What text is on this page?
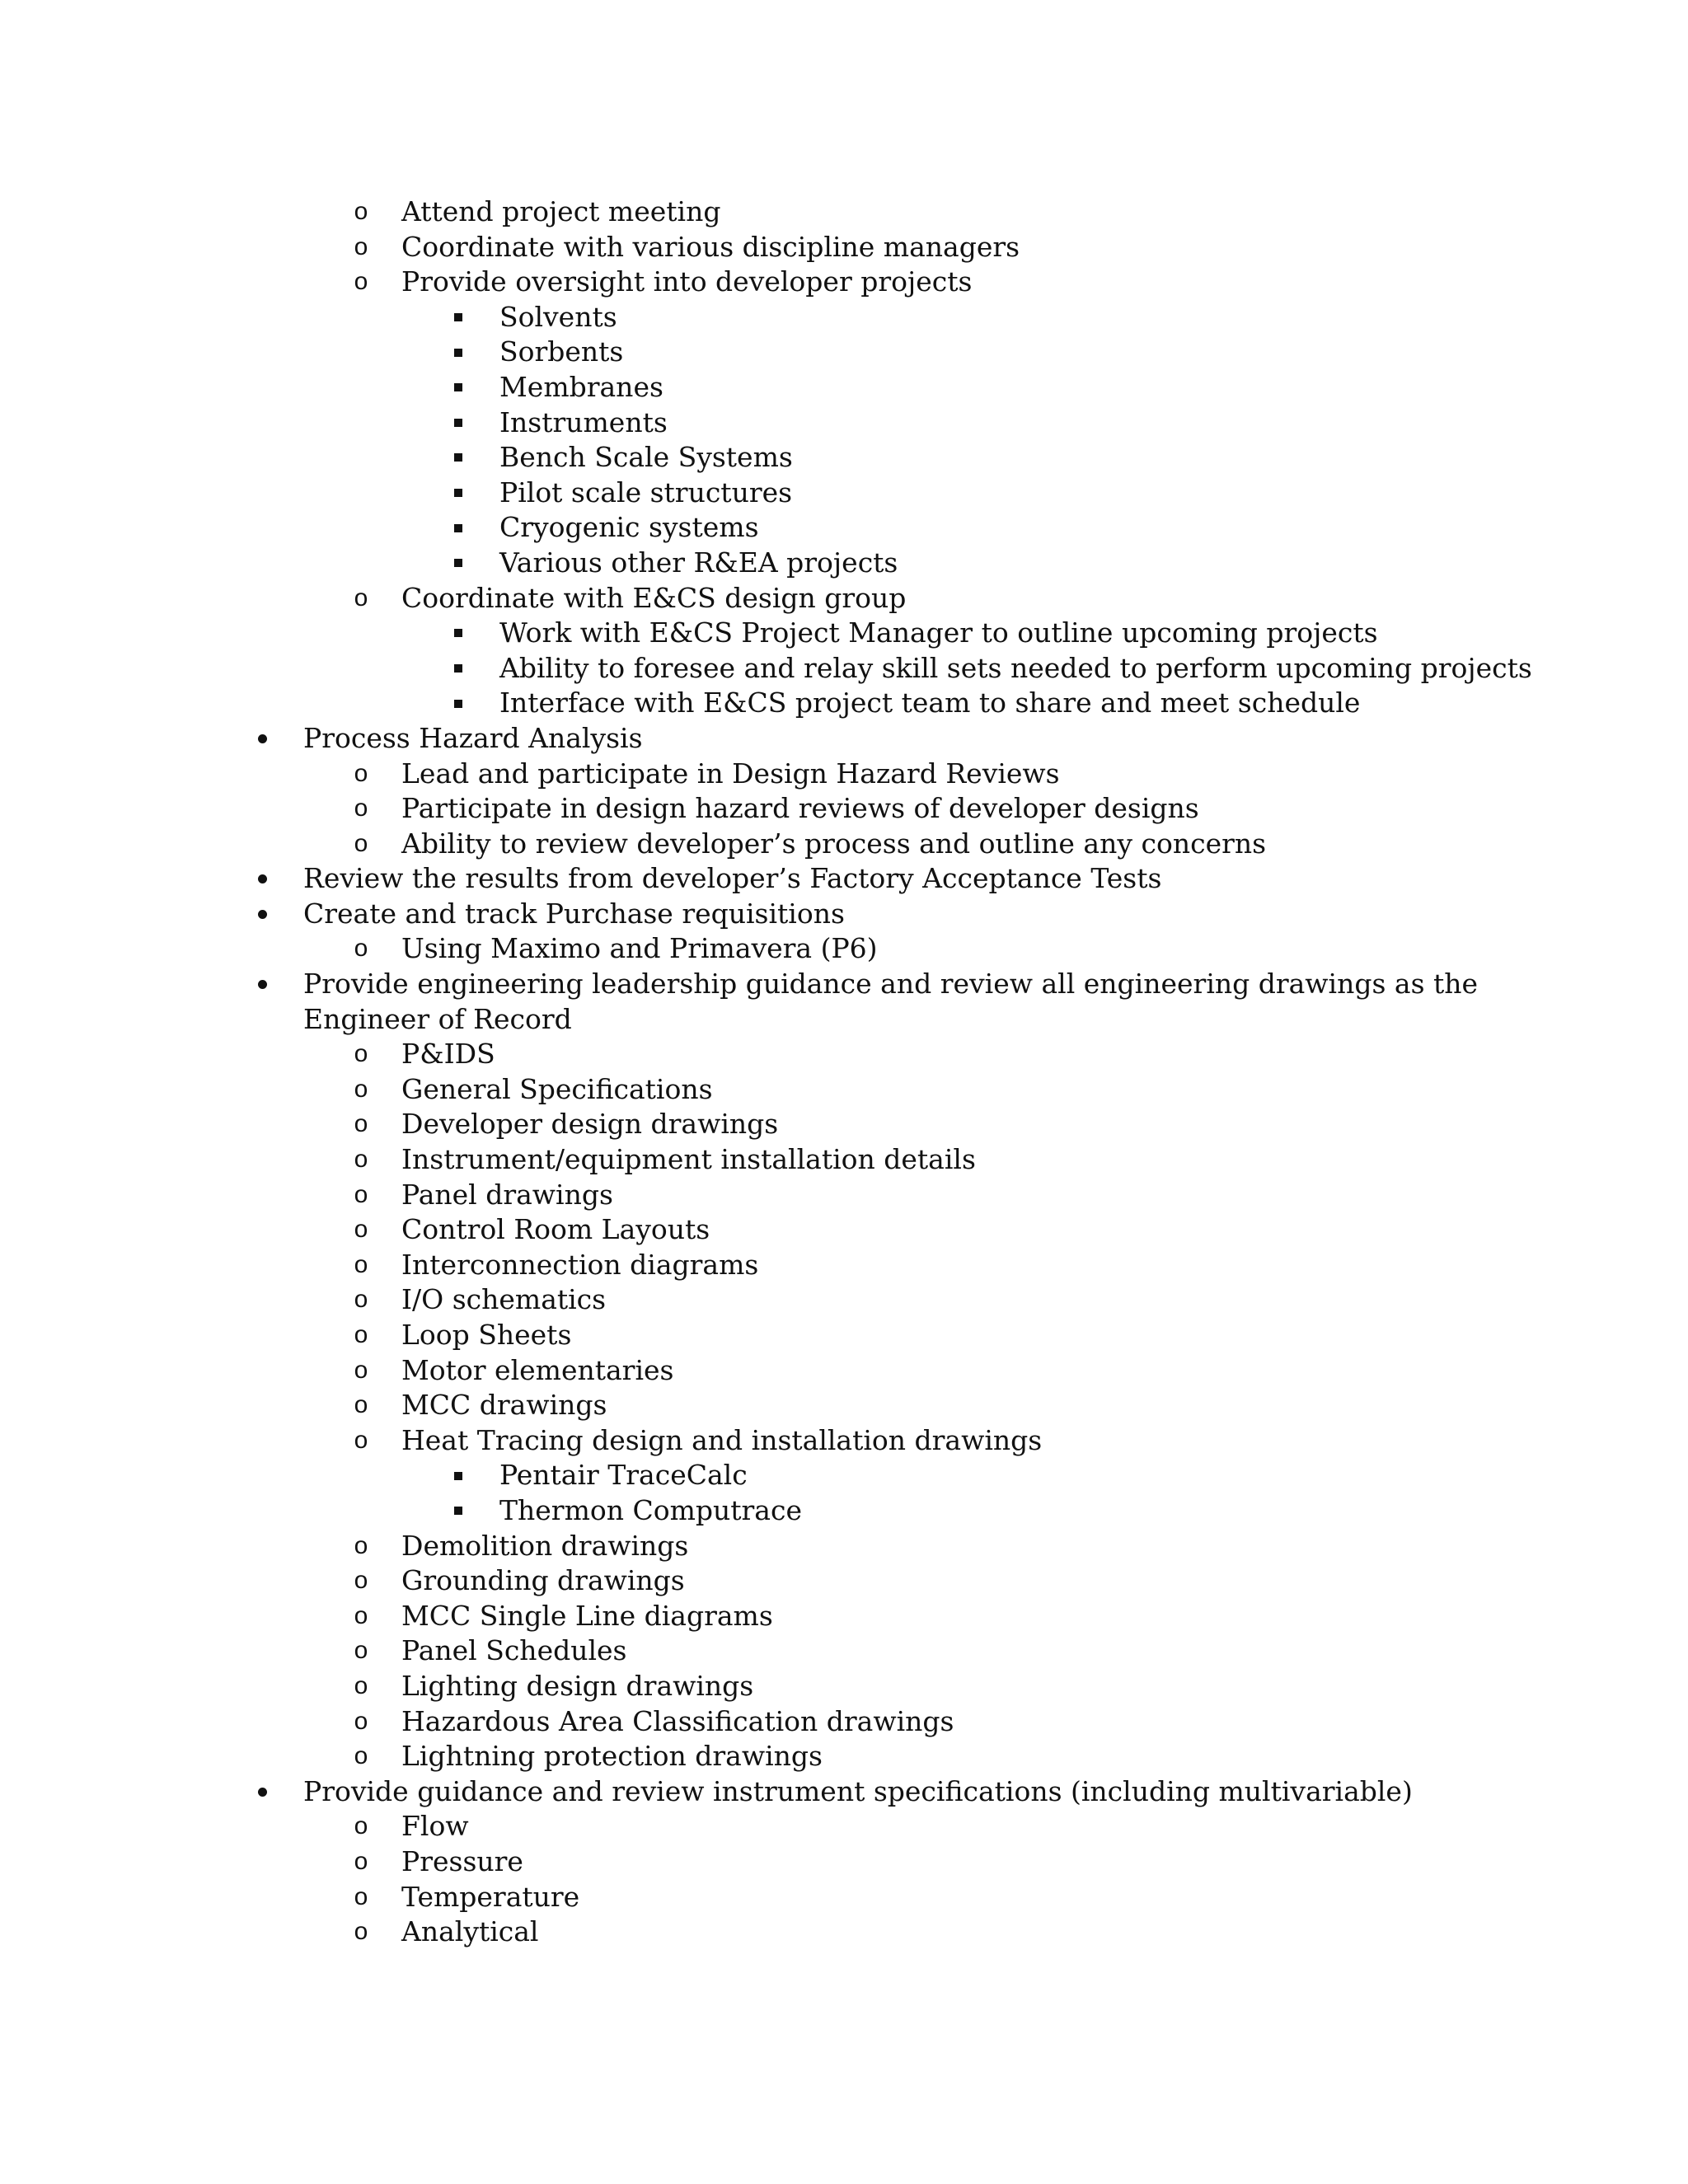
o Attend project meeting
o Coordinate with various discipline managers
o Provide oversight into developer projects
Solvents
Sorbents
Membranes
Instruments
Bench Scale Systems
Pilot scale structures
Cryogenic systems
Various other R&EA projects
o Coordinate with E&CS design group
Work with E&CS Project Manager to outline upcoming projects
Ability to foresee and relay skill sets needed to perform upcoming projects
Interface with E&CS project team to share and meet schedule
Process Hazard Analysis
o Lead and participate in Design Hazard Reviews
o Participate in design hazard reviews of developer designs
o Ability to review developer’s process and outline any concerns
Review the results from developer’s Factory Acceptance Tests
Create and track Purchase requisitions
o Using Maximo and Primavera (P6)
Provide engineering leadership guidance and review all engineering drawings as the
Engineer of Record
o P&IDS
o General Specifications
o Developer design drawings
o Instrument/equipment installation details
o Panel drawings
o Control Room Layouts
o Interconnection diagrams
o I/O schematics
o Loop Sheets
o Motor elementaries
o MCC drawings
o Heat Tracing design and installation drawings
Pentair TraceCalc
Thermon Computrace
o Demolition drawings
o Grounding drawings
o MCC Single Line diagrams
o Panel Schedules
o Lighting design drawings
o Hazardous Area Classification drawings
o Lightning protection drawings
Provide guidance and review instrument specifications (including multivariable)
o Flow
o Pressure
o Temperature
o Analytical
